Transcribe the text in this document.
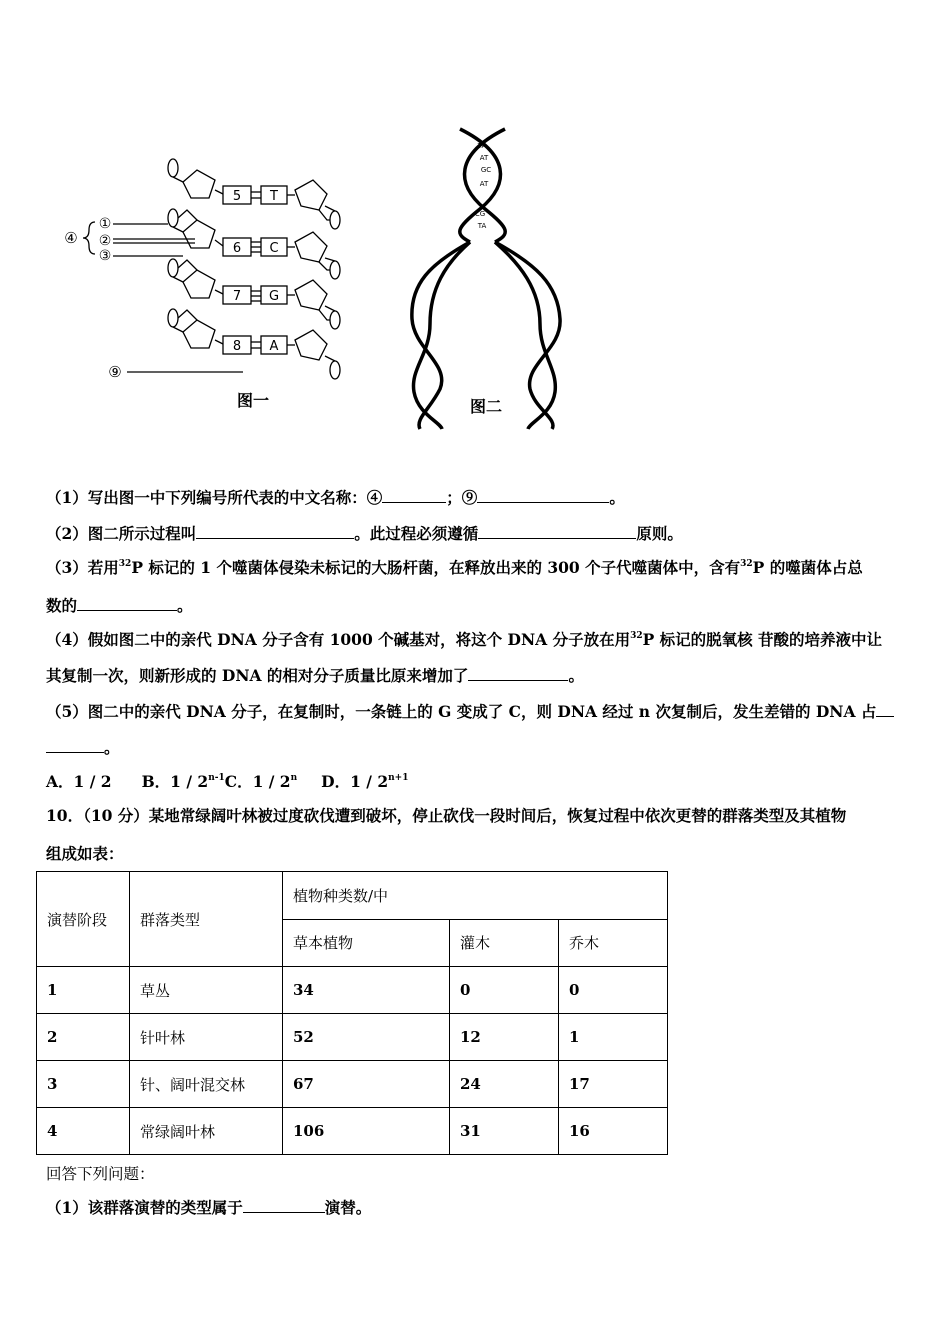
5
6
7
8
T
C
G
A
④
①
②
③
⑨
图一
TA
AT
GC
AT
CG
TA
图二
（1）写出图一中下列编号所代表的中文名称：④	；⑨	。
（2）图二所示过程叫	。此过程必须遵循	原则。
（3）若用$^{32}$P 标记的 1 个噬菌体侵染未标记的大肠杆菌，在释放出来的 300 个子代噬菌体中，含有$^{32}$P 的噬菌体占总
数的	。
（4）假如图二中的亲代 DNA 分子含有 1000 个碱基对，将这个 DNA 分子放在用$^{32}$P 标记的脱氧核 苷酸的培养液中让
其复制一次，则新形成的 DNA 的相对分子质量比原来增加了	。
（5）图二中的亲代 DNA 分子，在复制时，一条链上的 G 变成了 C，则 DNA 经过 n 次复制后，发生差错的 DNA 占
。
A．1 / 2 B．1 / 2$^{n-1}$C．1 / 2$^n$ D．$1 / 2^{n+1}$
10．（10 分）某地常绿阔叶林被过度砍伐遭到破坏，停止砍伐一段时间后，恢复过程中依次更替的群落类型及其植物
组成如表：
演替阶段	群落类型	植物种类数/中		
		草本植物	灌木	乔木
1	草丛	34	0	0
2	针叶林	52	12	1
3	针、阔叶混交林	67	24	17
4	常绿阔叶林	106	31	16
回答下列问题：
（1）该群落演替的类型属于	演替。
